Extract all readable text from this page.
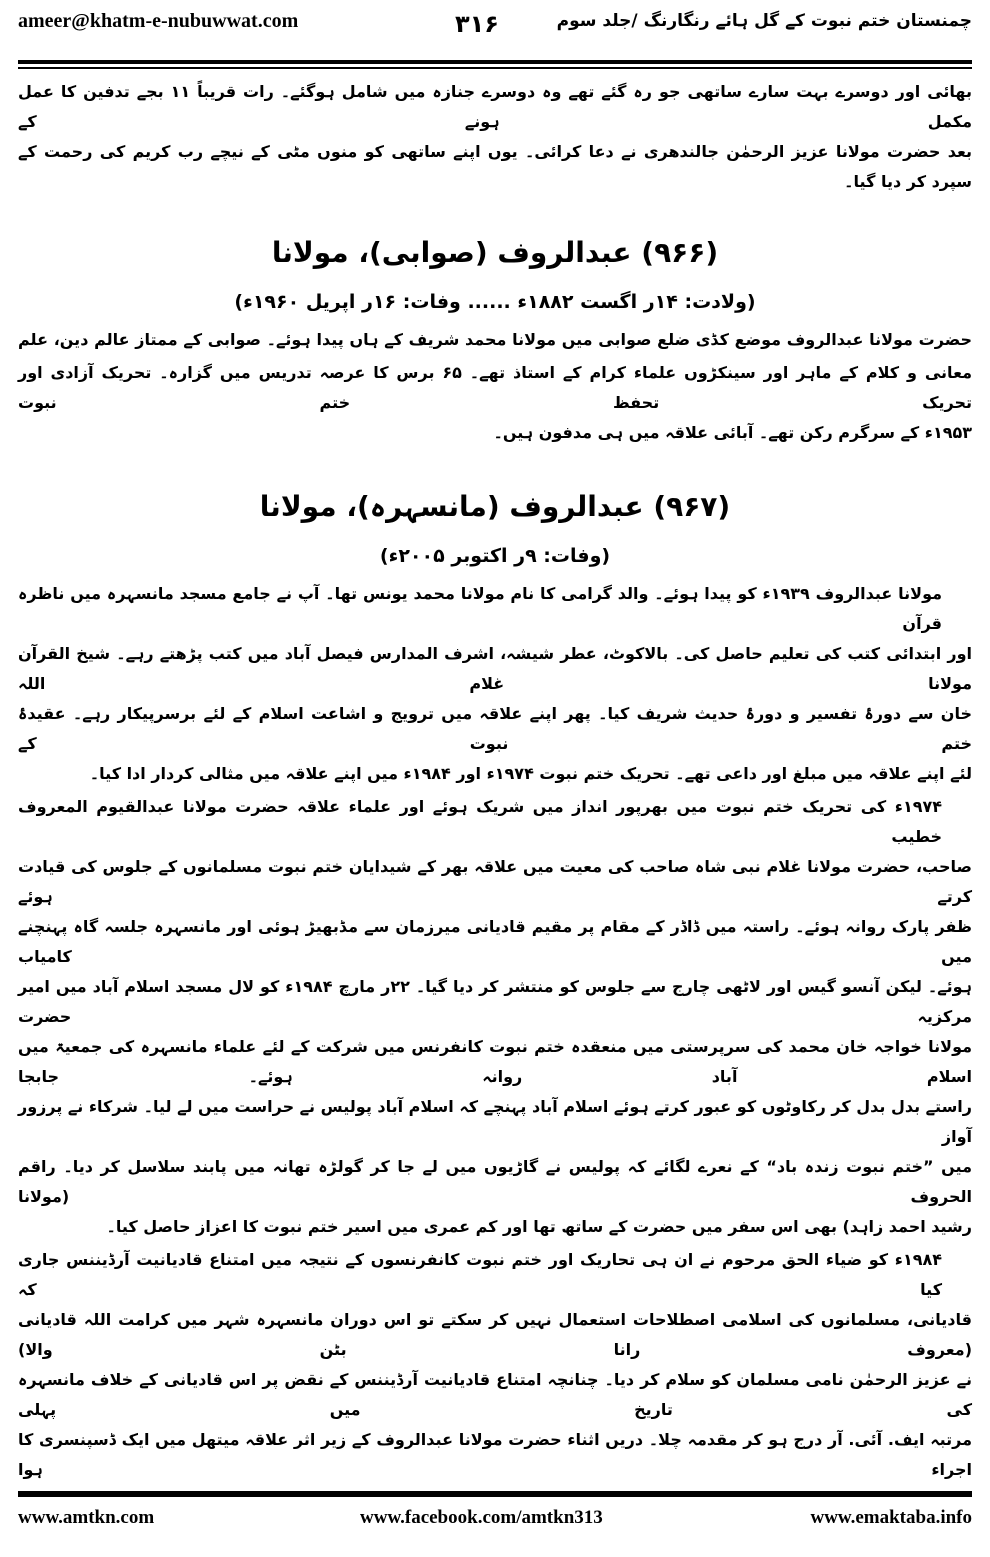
ameer@khatm-e-nubuwwat.com	۳۱۶	چمنستان ختم نبوت کے گل ہائے رنگارنگ /جلد سوم
بھائی اور دوسرے بہت سارے ساتھی جو رہ گئے تھے وہ دوسرے جنازہ میں شامل ہوگئے۔ رات قریباً ۱۱ بجے تدفین کا عمل مکمل ہونے کے
بعد حضرت مولانا عزیز الرحمٰن جالندھری نے دعا کرائی۔ یوں اپنے ساتھی کو منوں مٹی کے نیچے رب کریم کی رحمت کے سپرد کر دیا گیا۔
(۹۶۶) عبدالروف (صوابی)، مولانا
(ولادت: ۱۴ر اگست ۱۸۸۲ء ...... وفات: ۱۶ر اپریل ۱۹۶۰ء)
حضرت مولانا عبدالروف موضع کڈی ضلع صوابی میں مولانا محمد شریف کے ہاں پیدا ہوئے۔ صوابی کے ممتاز عالم دین، علم
معانی و کلام کے ماہر اور سینکڑوں علماء کرام کے استاذ تھے۔ ۶۵ برس کا عرصہ تدریس میں گزارہ۔ تحریک آزادی اور تحریک تحفظ ختم نبوت
۱۹۵۳ء کے سرگرم رکن تھے۔ آبائی علاقہ میں ہی مدفون ہیں۔
(۹۶۷) عبدالروف (مانسہرہ)، مولانا
(وفات: ۹ر اکتوبر ۲۰۰۵ء)
مولانا عبدالروف ۱۹۳۹ء کو پیدا ہوئے۔ والد گرامی کا نام مولانا محمد یونس تھا۔ آپ نے جامع مسجد مانسہرہ میں ناظرہ قرآن
اور ابتدائی کتب کی تعلیم حاصل کی۔ بالاکوٹ، عطر شیشہ، اشرف المدارس فیصل آباد میں کتب پڑھتے رہے۔ شیخ القرآن مولانا غلام اللہ
خان سے دورۂ تفسیر و دورۂ حدیث شریف کیا۔ پھر اپنے علاقہ میں ترویج و اشاعت اسلام کے لئے برسرپیکار رہے۔ عقیدۂ ختم نبوت کے
لئے اپنے علاقہ میں مبلغ اور داعی تھے۔ تحریک ختم نبوت ۱۹۷۴ء اور ۱۹۸۴ء میں اپنے علاقہ میں مثالی کردار ادا کیا۔
۱۹۷۴ء کی تحریک ختم نبوت میں بھرپور انداز میں شریک ہوئے اور علماء علاقہ حضرت مولانا عبدالقیوم المعروف خطیب
صاحب، حضرت مولانا غلام نبی شاہ صاحب کی معیت میں علاقہ بھر کے شیدایان ختم نبوت مسلمانوں کے جلوس کی قیادت کرتے ہوئے
ظفر پارک روانہ ہوئے۔ راستہ میں ڈاڈر کے مقام پر مقیم قادیانی میرزمان سے مڈبھیڑ ہوئی اور مانسہرہ جلسہ گاہ پہنچنے میں کامیاب
ہوئے۔ لیکن آنسو گیس اور لاٹھی چارج سے جلوس کو منتشر کر دیا گیا۔ ۲۲ر مارچ ۱۹۸۴ء کو لال مسجد اسلام آباد میں امیر مرکزیہ حضرت
مولانا خواجہ خان محمد کی سرپرستی میں منعقدہ ختم نبوت کانفرنس میں شرکت کے لئے علماء مانسہرہ کی جمعیۃ میں اسلام آباد روانہ ہوئے۔ جابجا
راستے بدل بدل کر رکاوٹوں کو عبور کرتے ہوئے اسلام آباد پہنچے کہ اسلام آباد پولیس نے حراست میں لے لیا۔ شرکاء نے پرزور آواز
میں ”ختم نبوت زندہ باد“ کے نعرے لگائے کہ پولیس نے گاڑیوں میں لے جا کر گولڑہ تھانہ میں پابند سلاسل کر دیا۔ راقم الحروف (مولانا
رشید احمد زاہد) بھی اس سفر میں حضرت کے ساتھ تھا اور کم عمری میں اسیر ختم نبوت کا اعزاز حاصل کیا۔
۱۹۸۴ء کو ضیاء الحق مرحوم نے ان ہی تحاریک اور ختم نبوت کانفرنسوں کے نتیجہ میں امتناع قادیانیت آرڈیننس جاری کیا کہ
قادیانی، مسلمانوں کی اسلامی اصطلاحات استعمال نہیں کر سکتے تو اس دوران مانسہرہ شہر میں کرامت اللہ قادیانی (معروف رانا بٹن والا)
نے عزیز الرحمٰن نامی مسلمان کو سلام کر دیا۔ چنانچہ امتناع قادیانیت آرڈیننس کے نقض پر اس قادیانی کے خلاف مانسہرہ کی تاریخ میں پہلی
مرتبہ ایف. آئی. آر درج ہو کر مقدمہ چلا۔ دریں اثناء حضرت مولانا عبدالروف کے زیر اثر علاقہ میتھل میں ایک ڈسپنسری کا اجراء ہوا
www.amtkn.com	www.facebook.com/amtkn313	www.emaktaba.info
